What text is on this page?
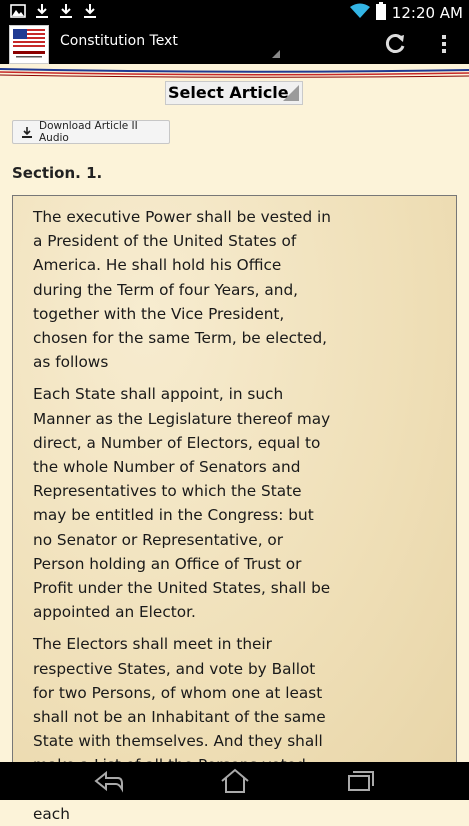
12:20 AM
Constitution Text
Select Article
Download Article II Audio
Section. 1.

The executive Power shall be vested in a President of the United States of America. He shall hold his Office during the Term of four Years, and, together with the Vice President, chosen for the same Term, be elected, as follows

Each State shall appoint, in such Manner as the Legislature thereof may direct, a Number of Electors, equal to the whole Number of Senators and Representatives to which the State may be entitled in the Congress: but no Senator or Representative, or Person holding an Office of Trust or Profit under the United States, shall be appointed an Elector.

The Electors shall meet in their respective States, and vote by Ballot for two Persons, of whom one at least shall not be an Inhabitant of the same State with themselves. And they shall each
